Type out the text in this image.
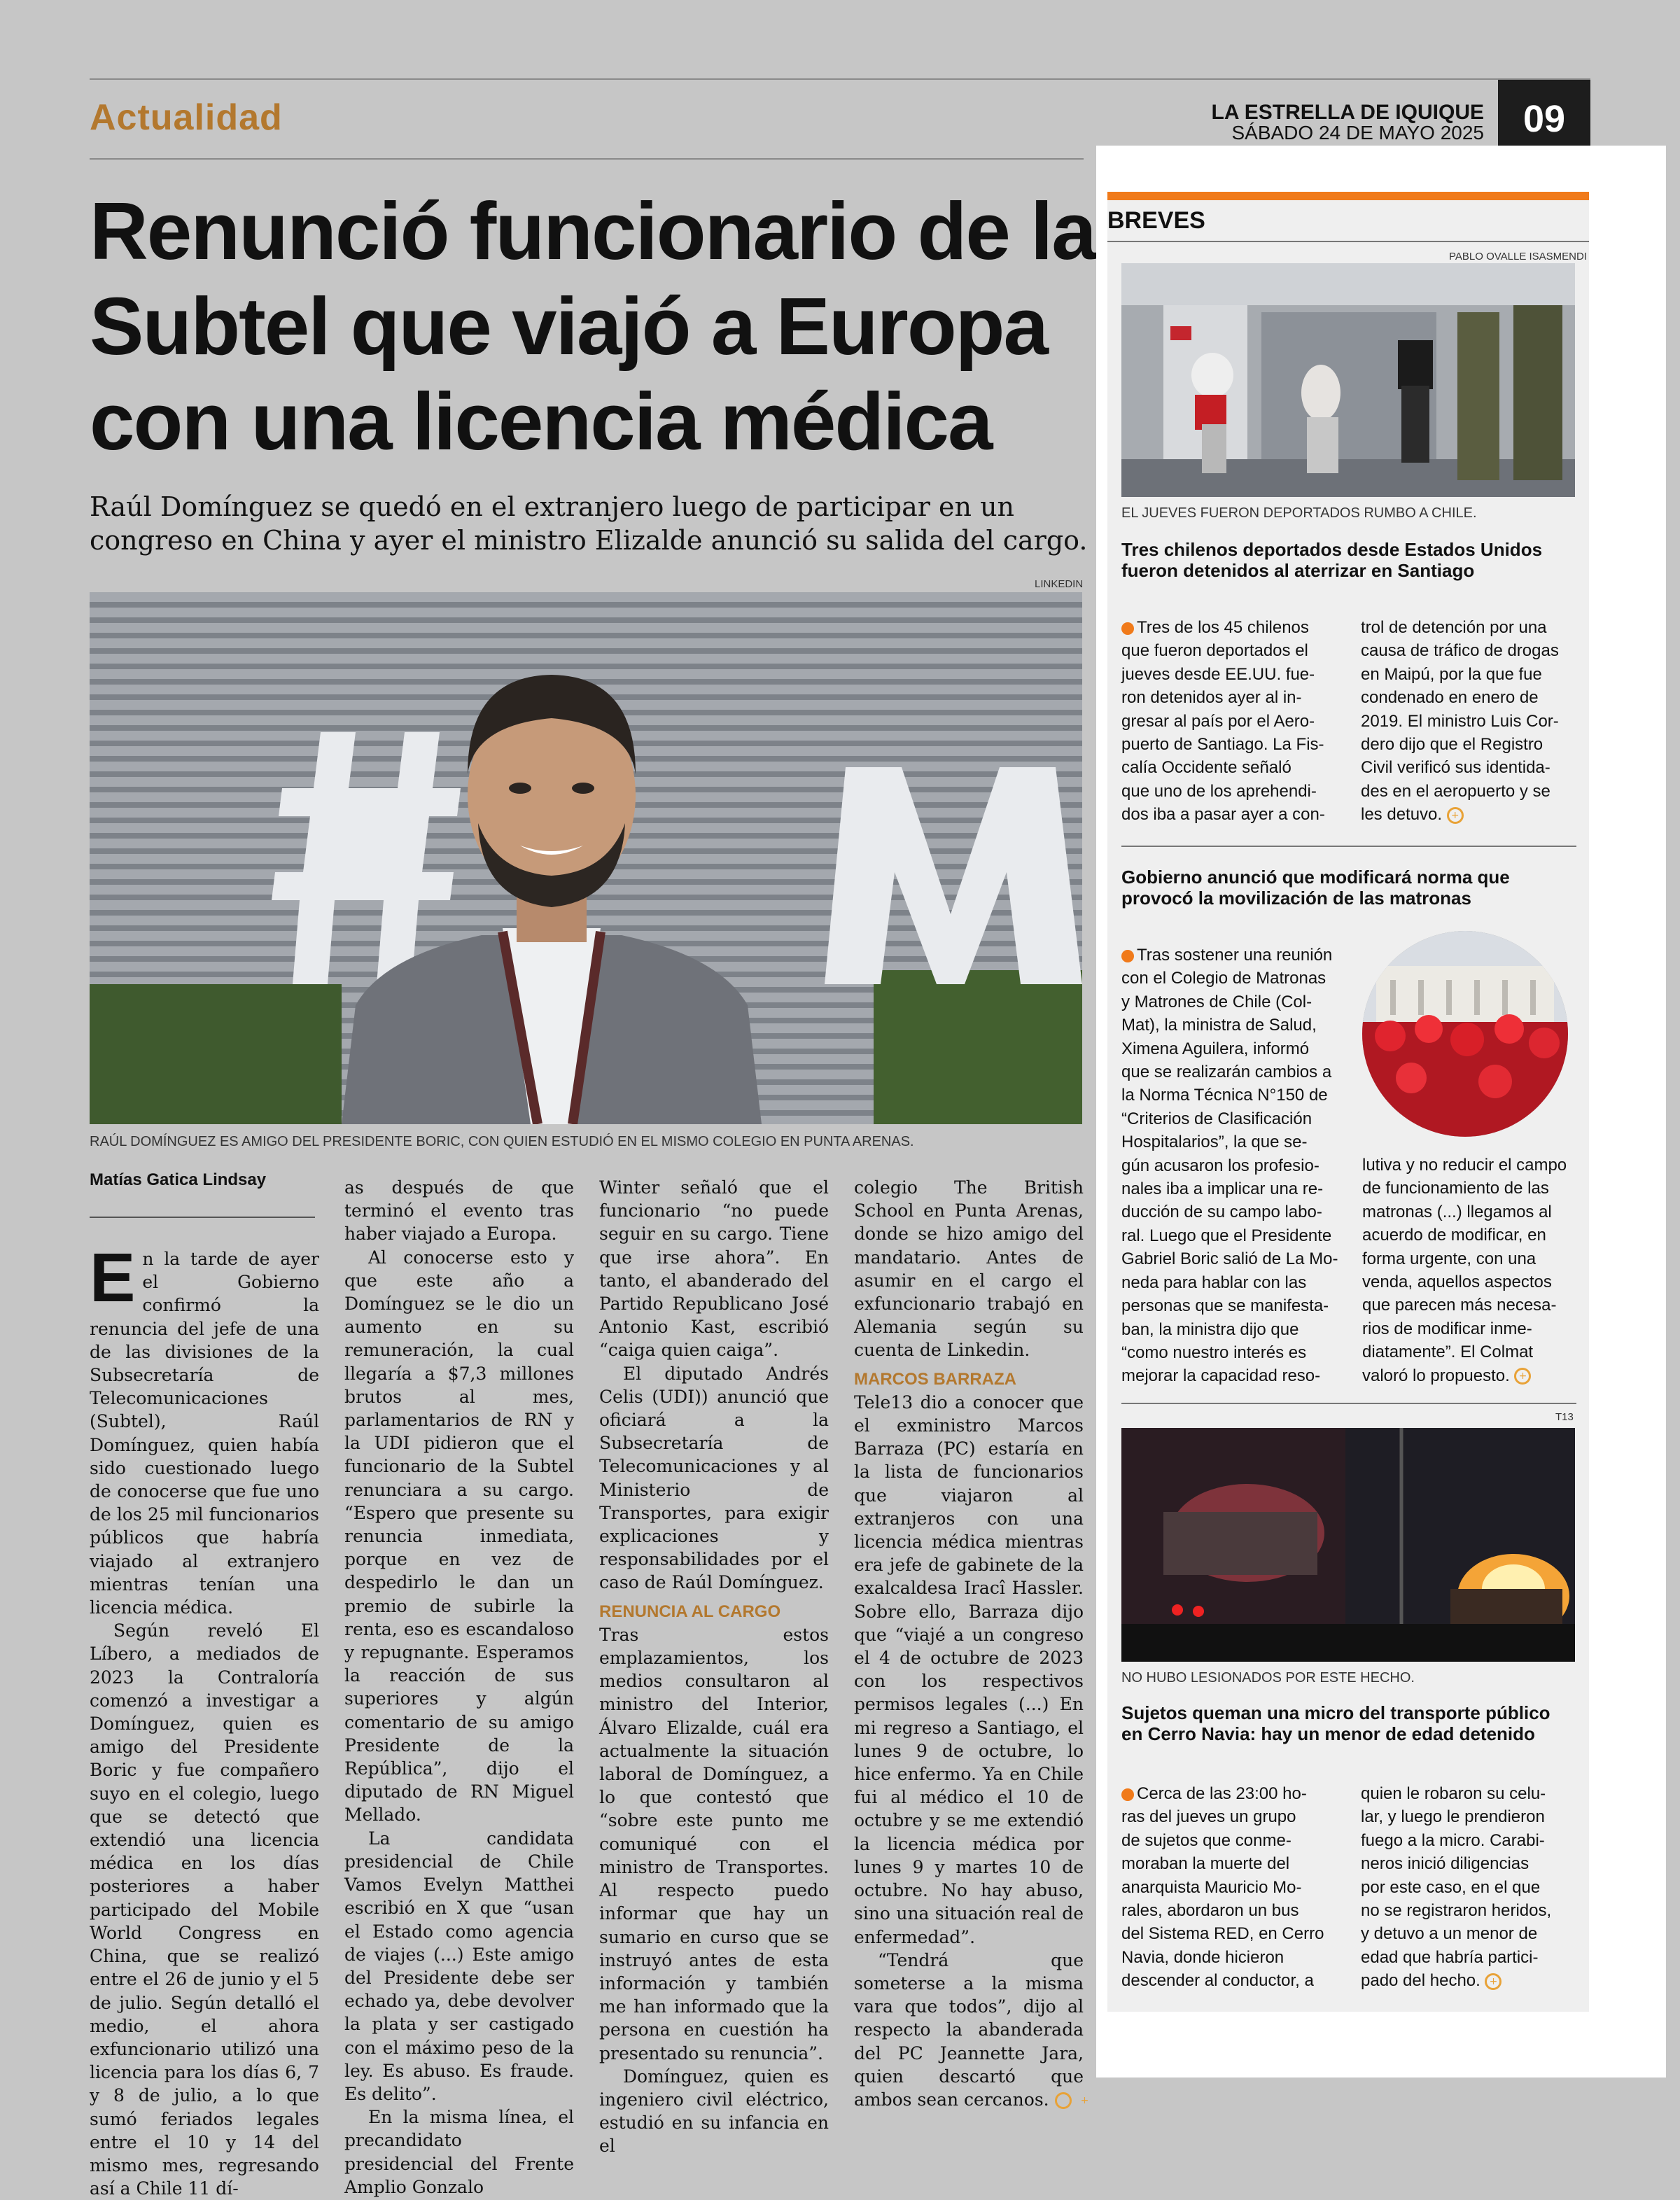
Actualidad	LA ESTRELLA DE IQUIQUE
SÁBADO 24 DE MAYO 2025	09
Renunció funcionario de la
Subtel que viajó a Europa
con una licencia médica

Raúl Domínguez se quedó en el extranjero luego de participar en un
congreso en China y ayer el ministro Elizalde anunció su salida del cargo.

LINKEDIN
RAÚL DOMÍNGUEZ ES AMIGO DEL PRESIDENTE BORIC, CON QUIEN ESTUDIÓ EN EL MISMO COLEGIO EN PUNTA ARENAS.
Matías Gatica Lindsay
E n la tarde de ayer el Gobierno confirmó la renuncia del jefe de una de las divisiones de la Subsecretaría de Telecomunicaciones (Subtel), Raúl Domínguez, quien había sido cuestionado luego de conocerse que fue uno de los 25 mil funcionarios públicos que habría viajado al extranjero mientras tenían una licencia médica.

Según reveló El Líbero, a mediados de 2023 la Contraloría comenzó a investigar a Domínguez, quien es amigo del Presidente Boric y fue compañero suyo en el colegio, luego que se detectó que extendió una licencia médica en los días posteriores a haber participado del Mobile World Congress en China, que se realizó entre el 26 de junio y el 5 de julio. Según detalló el medio, el ahora exfuncionario utilizó una licencia para los días 6, 7 y 8 de julio, a lo que sumó feriados legales entre el 10 y 14 del mismo mes, regresando así a Chile 11 dí-

as después de que terminó el evento tras haber viajado a Europa.

Al conocerse esto y que este año a Domínguez se le dio un aumento en su remuneración, la cual llegaría a $7,3 millones brutos al mes, parlamentarios de RN y la UDI pidieron que el funcionario de la Subtel renunciara a su cargo. “Espero que presente su renuncia inmediata, porque en vez de despedirlo le dan un premio de subirle la renta, eso es escandaloso y repugnante. Esperamos la reacción de sus superiores y algún comentario de su amigo Presidente de la República”, dijo el diputado de RN Miguel Mellado.

La candidata presidencial de Chile Vamos Evelyn Matthei escribió en X que “usan el Estado como agencia de viajes (...) Este amigo del Presidente debe ser echado ya, debe devolver la plata y ser castigado con el máximo peso de la ley. Es abuso. Es fraude. Es delito”.

En la misma línea, el precandidato presidencial del Frente Amplio Gonzalo

Winter señaló que el funcionario “no puede seguir en su cargo. Tiene que irse ahora”. En tanto, el abanderado del Partido Republicano José Antonio Kast, escribió “caiga quien caiga”.

El diputado Andrés Celis (UDI)) anunció que oficiará a la Subsecretaría de Telecomunicaciones y al Ministerio de Transportes, para exigir explicaciones y responsabilidades por el caso de Raúl Domínguez.

RENUNCIA AL CARGO

Tras estos emplazamientos, los medios consultaron al ministro del Interior, Álvaro Elizalde, cuál era actualmente la situación laboral de Domínguez, a lo que contestó que “sobre este punto me comuniqué con el ministro de Transportes. Al respecto puedo informar que hay un sumario en curso que se instruyó antes de esta información y también me han informado que la persona en cuestión ha presentado su renuncia”.

Domínguez, quien es ingeniero civil eléctrico, estudió en su infancia en el

colegio The British School en Punta Arenas, donde se hizo amigo del mandatario. Antes de asumir en el cargo el exfuncionario trabajó en Alemania según su cuenta de Linkedin.

MARCOS BARRAZA

Tele13 dio a conocer que el exministro Marcos Barraza (PC) estaría en la lista de funcionarios que viajaron al extranjeros con una licencia médica mientras era jefe de gabinete de la exalcaldesa Iracî Hassler. Sobre ello, Barraza dijo que “viajé a un congreso el 4 de octubre de 2023 con los respectivos permisos legales (...) En mi regreso a Santiago, el lunes 9 de octubre, lo hice enfermo. Ya en Chile fui al médico el 10 de octubre y se me extendió la licencia médica por lunes 9 y martes 10 de octubre. No hay abuso, sino una situación real de enfermedad”.

“Tendrá que someterse a la misma vara que todos”, dijo al respecto la abanderada del PC Jeannette Jara, quien descartó que ambos sean cercanos.	+

BREVES
PABLO OVALLE ISASMENDI
EL JUEVES FUERON DEPORTADOS RUMBO A CHILE.
Tres chilenos deportados desde Estados Unidos
fueron detenidos al aterrizar en Santiago
Tres de los 45 chilenos
que fueron deportados el
jueves desde EE.UU. fue-
ron detenidos ayer al in-
gresar al país por el Aero-
puerto de Santiago. La Fis-
calía Occidente señaló
que uno de los aprehendi-
dos iba a pasar ayer a con-
trol de detención por una
causa de tráfico de drogas
en Maipú, por la que fue
condenado en enero de
2019. El ministro Luis Cor-
dero dijo que el Registro
Civil verificó sus identida-
des en el aeropuerto y se
les detuvo. +
Gobierno anunció que modificará norma que
provocó la movilización de las matronas
Tras sostener una reunión
con el Colegio de Matronas
y Matrones de Chile (Col-
Mat), la ministra de Salud,
Ximena Aguilera, informó
que se realizarán cambios a
la Norma Técnica N°150 de
“Criterios de Clasificación
Hospitalarios”, la que se-
gún acusaron los profesio-
nales iba a implicar una re-
ducción de su campo labo-
ral. Luego que el Presidente
Gabriel Boric salió de La Mo-
neda para hablar con las
personas que se manifesta-
ban, la ministra dijo que
“como nuestro interés es
mejorar la capacidad reso-
lutiva y no reducir el campo
de funcionamiento de las
matronas (...) llegamos al
acuerdo de modificar, en
forma urgente, con una
venda, aquellos aspectos
que parecen más necesa-
rios de modificar inme-
diatamente”. El Colmat
valoró lo propuesto. +
T13
NO HUBO LESIONADOS POR ESTE HECHO.
Sujetos queman una micro del transporte público
en Cerro Navia: hay un menor de edad detenido
Cerca de las 23:00 ho-
ras del jueves un grupo
de sujetos que conme-
moraban la muerte del
anarquista Mauricio Mo-
rales, abordaron un bus
del Sistema RED, en Cerro
Navia, donde hicieron
descender al conductor, a
quien le robaron su celu-
lar, y luego le prendieron
fuego a la micro. Carabi-
neros inició diligencias
por este caso, en el que
no se registraron heridos,
y detuvo a un menor de
edad que habría partici-
pado del hecho. +
